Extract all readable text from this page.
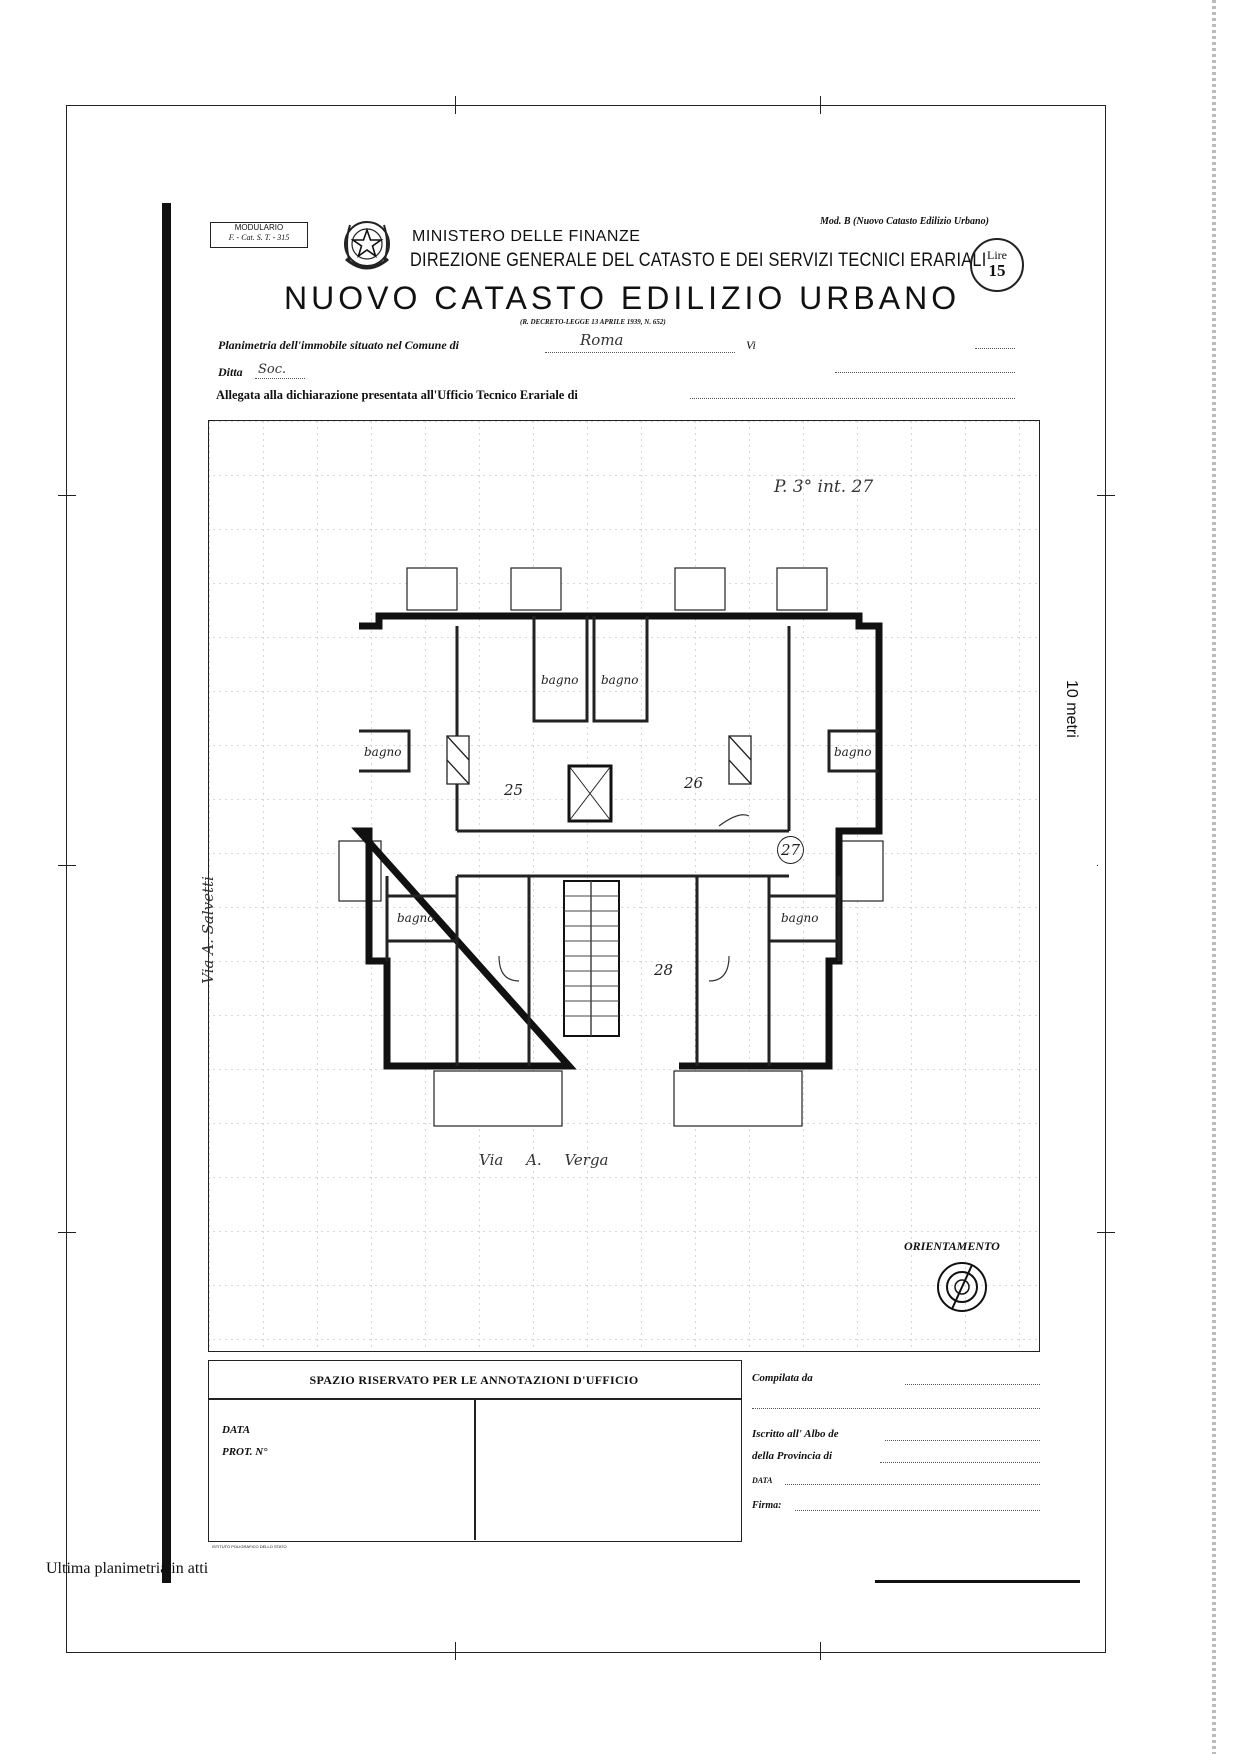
MODULARIO
F. - Cat. S. T. - 315	MINISTERO DELLE FINANZE
DIREZIONE GENERALE DEL CATASTO E DEI SERVIZI TECNICI ERARIALI
Mod. B (Nuovo Catasto Edilizio Urbano)
Lire
15
NUOVO CATASTO EDILIZIO URBANO
(R. DECRETO-LEGGE 13 APRILE 1939, N. 652)
Planimetria dell'immobile situato nel Comune di	Roma	Vi
Ditta Soc.
Allegata alla dichiarazione presentata all'Ufficio Tecnico Erariale di
P. 3° int. 27
bagno bagno
bagno	bagno
bagno	bagno
25	26
27
28
Via A. Salvetti
Via A. Verga
ORIENTAMENTO
10 metri
SPAZIO RISERVATO PER LE ANNOTAZIONI D'UFFICIO
DATA
PROT. N°
ISTITUTO POLIGRAFICO DELLO STATO
Compilata da
Iscritto all' Albo de
della Provincia di
DATA
Firma:
Ultima planimetria in atti
